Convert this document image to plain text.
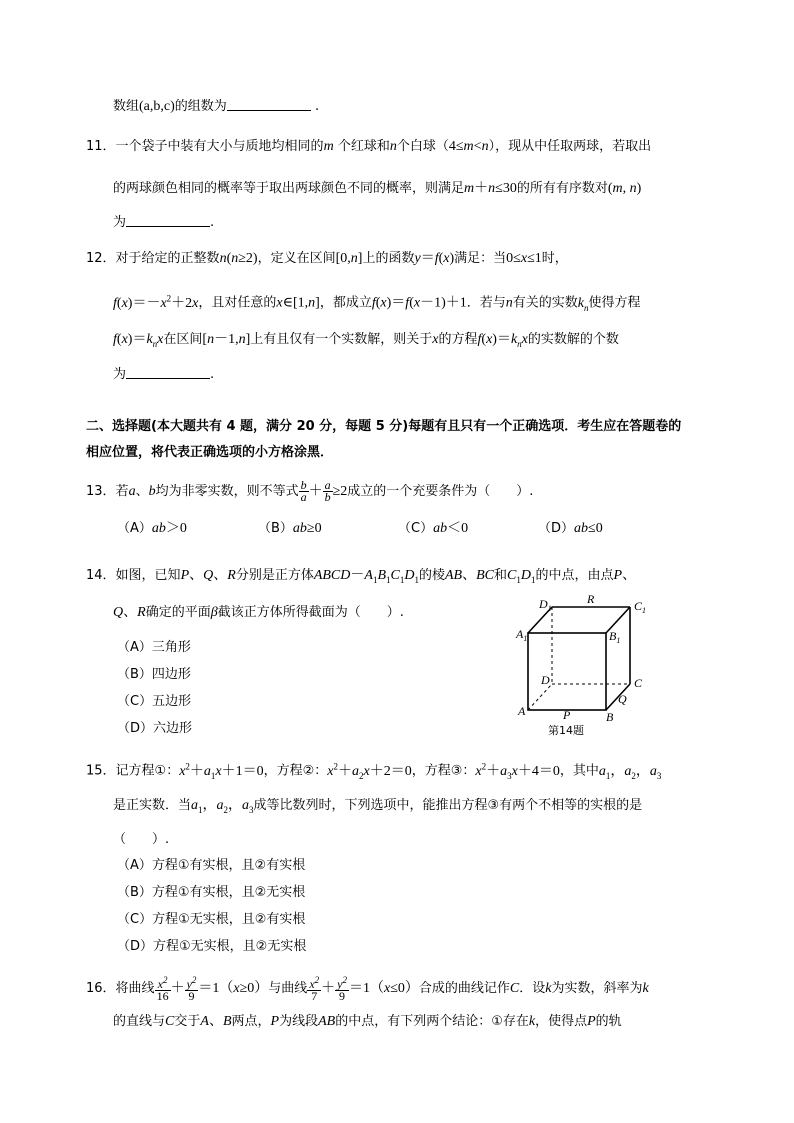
数组(a,b,c)的组数为	.
11．一个袋子中装有大小与质地均相同的m 个红球和n个白球（4≤m<n），现从中任取两球，若取出
的两球颜色相同的概率等于取出两球颜色不同的概率，则满足m＋n≤30的所有有序数对(m, n)
为	.
12．对于给定的正整数n(n≥2)，定义在区间[0,n]上的函数y＝f(x)满足：当0≤x≤1时，
$f(x)=-x^2+2x$，且对任意的x∈[1,n]，都成立f(x)＝f(x－1)＋1．若与n有关的实数$k_n$使得方程
$f(x)=k_nx$在区间[n－1,n]上有且仅有一个实数解，则关于x的方程$f(x)=k_nx$的实数解的个数
为	.
二、选择题(本大题共有 4 题，满分 20 分，每题 5 分)每题有且只有一个正确选项．考生应在答题卷的
相应位置，将代表正确选项的小方格涂黑．
13．若a、b均为非零实数，则不等式 $\frac{b}{a} + \frac{a}{b} \ge 2$成立的一个充要条件为（　　）.
（A）ab＞0	（B）ab≥0	（C）ab＜0	（D）ab≤0
14．如图，已知P、Q、R分别是正方体$ABCD-A_1B_1C_1D_1$的棱AB、BC和$C_1D_1$的中点，由点P、
Q、R确定的平面β截该正方体所得截面为（　　）.
（A）三角形
（B）四边形
（C）五边形
（D）六边形
$D_1$
R	$C_1$
$A_1$	$B_1$
D	C
Q
A	P	B
第14题
15．记方程①：$x^2+a_1x+1=0$，方程②：$x^2+a_2x+2=0$，方程③：$x^2+a_3x+4=0$，其中$a_1$，$a_2$，$a_3$
是正实数．当$a_1$，$a_2$，$a_3$成等比数列时，下列选项中，能推出方程③有两个不相等的实根的是
（　　）.
（A）方程①有实根，且②有实根
（B）方程①有实根，且②无实根
（C）方程①无实根，且②有实根
（D）方程①无实根，且②无实根
16．将曲线 $\frac{x^2}{16} + \frac{y^2}{9} =1(x\ge 0)$与曲线 $\frac{x^2}{7} + \frac{y^2}{9} =1(x\le 0)$合成的曲线记作C．设k为实数，斜率为k
的直线与C交于A、B两点，P为线段AB的中点，有下列两个结论：①存在k，使得点P的轨
